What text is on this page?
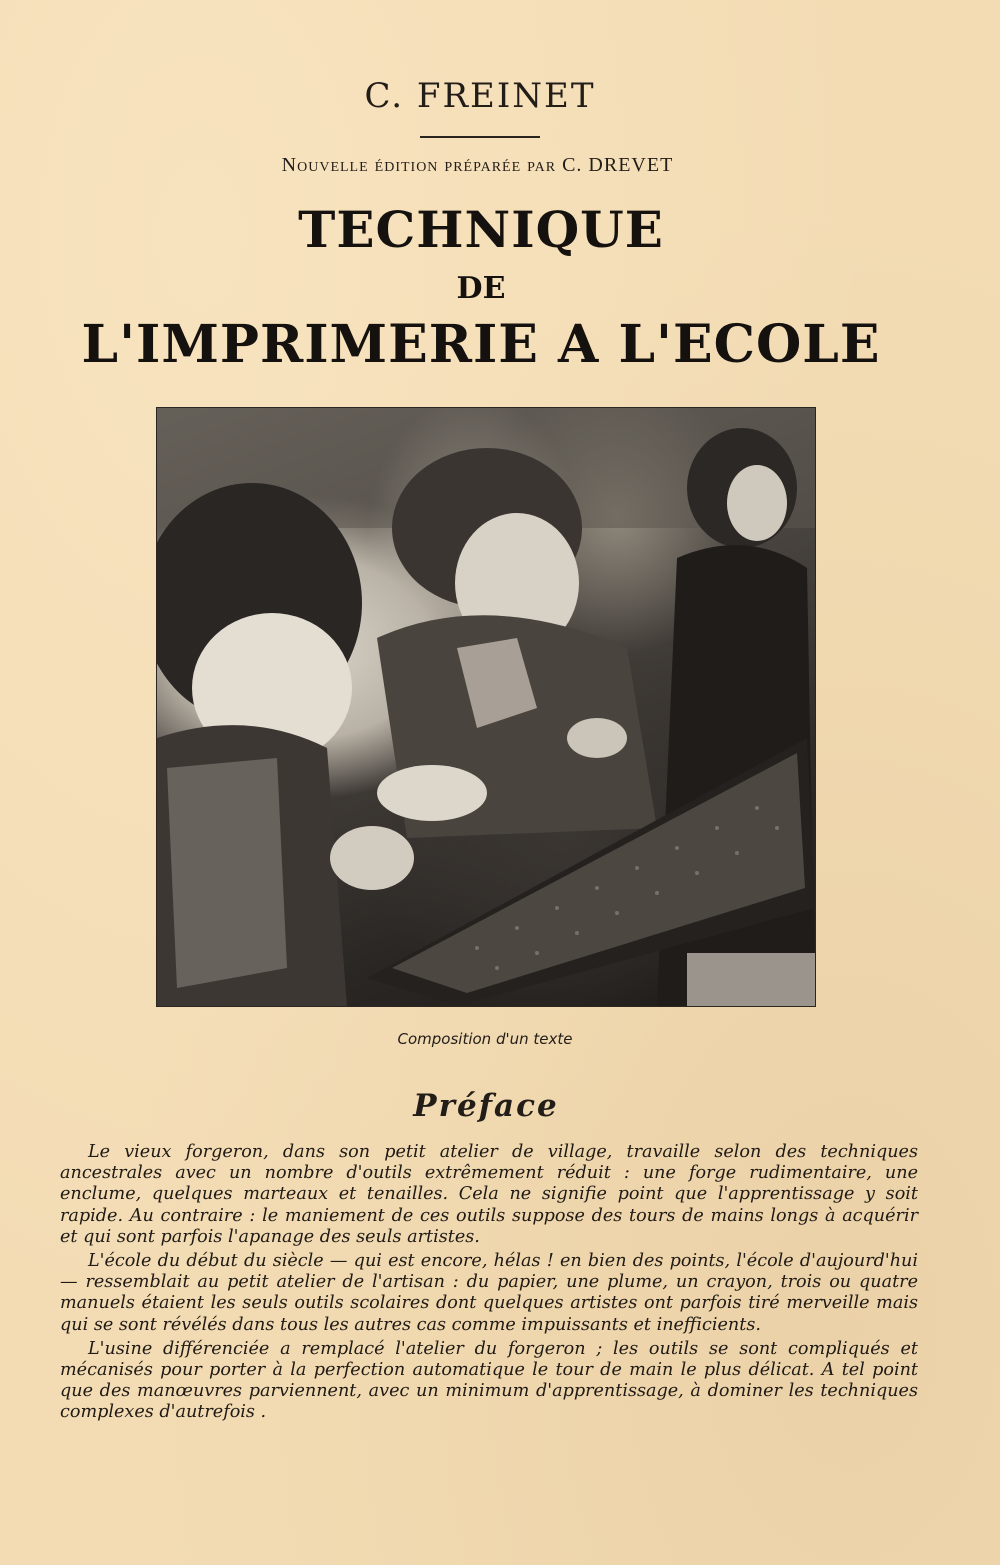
C. FREINET
Nouvelle édition préparée par C. DREVET
TECHNIQUE
DE
L'IMPRIMERIE A L'ECOLE
Composition d'un texte
Préface

Le vieux forgeron, dans son petit atelier de village, travaille selon des techniques ancestrales avec un nombre d'outils extrêmement réduit : une forge rudimentaire, une enclume, quelques marteaux et tenailles. Cela ne signifie point que l'apprentissage y soit rapide. Au contraire : le maniement de ces outils suppose des tours de mains longs à acquérir et qui sont parfois l'apanage des seuls artistes.

L'école du début du siècle — qui est encore, hélas ! en bien des points, l'école d'aujourd'hui — ressemblait au petit atelier de l'artisan : du papier, une plume, un crayon, trois ou quatre manuels étaient les seuls outils scolaires dont quelques artistes ont parfois tiré merveille mais qui se sont révélés dans tous les autres cas comme impuissants et inefficients.

L'usine différenciée a remplacé l'atelier du forgeron ; les outils se sont compliqués et mécanisés pour porter à la perfection automatique le tour de main le plus délicat. A tel point que des manœuvres parviennent, avec un minimum d'apprentissage, à dominer les techniques complexes d'autrefois .
